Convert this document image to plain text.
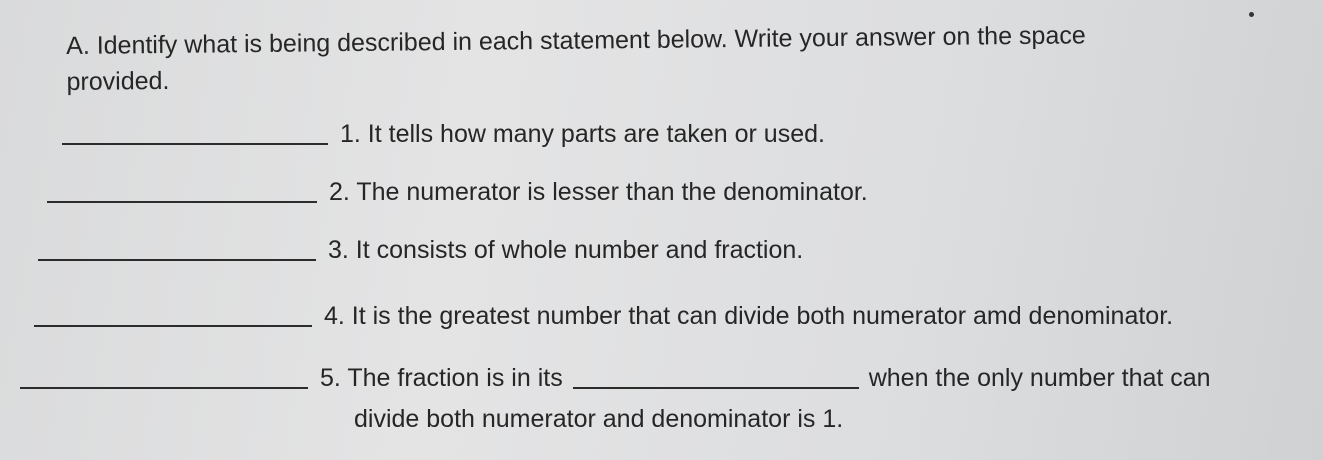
A. Identify what is being described in each statement below. Write your answer on the space
provided.
1. It tells how many parts are taken or used.
2. The numerator is lesser than the denominator.
3. It consists of whole number and fraction.
4. It is the greatest number that can divide both numerator amd denominator.
5. The fraction is in its	when the only number that can
divide both numerator and denominator is 1.
